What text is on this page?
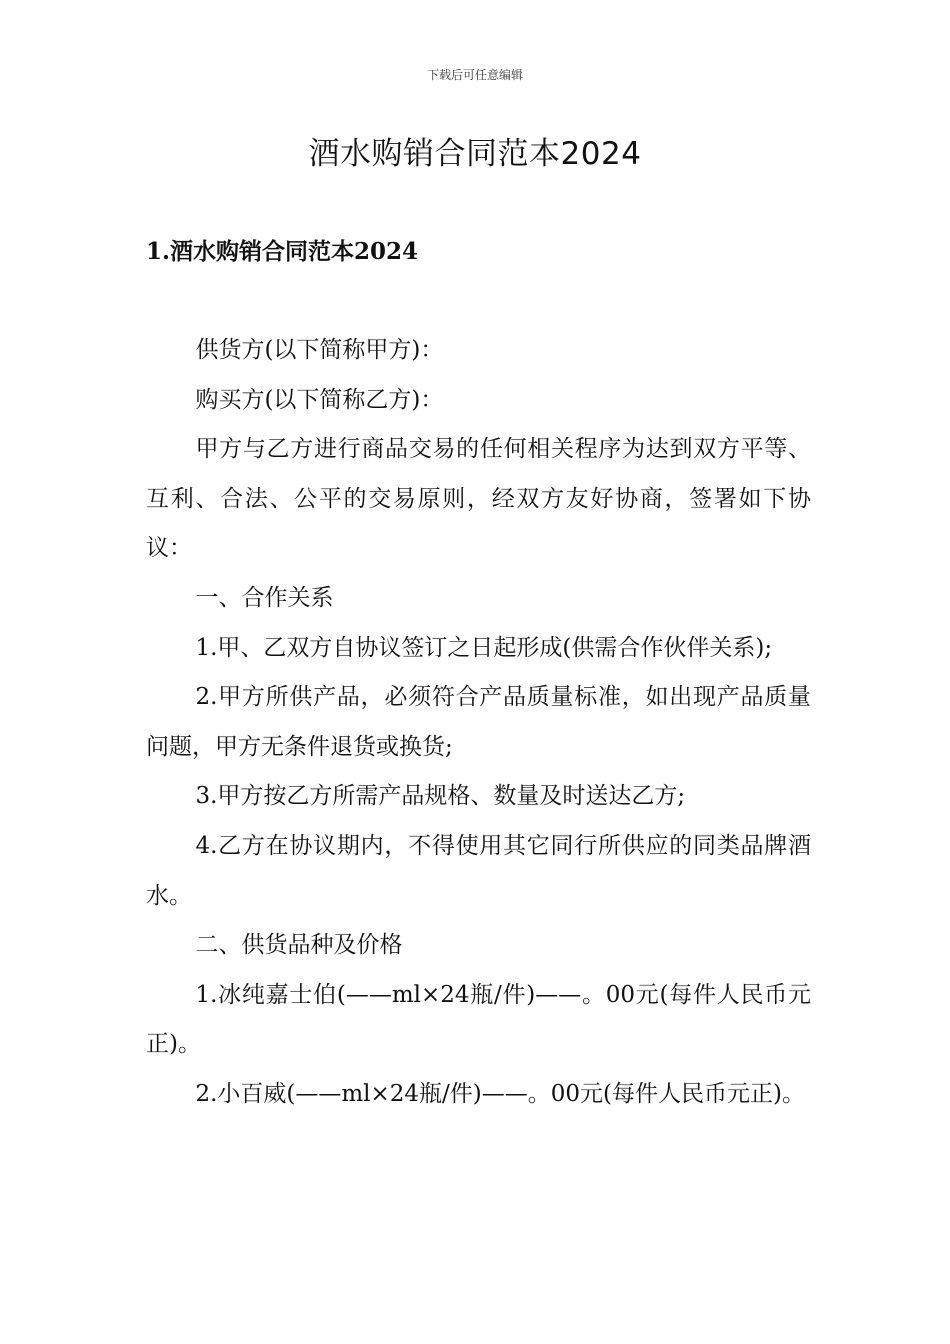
下载后可任意编辑
酒水购销合同范本2024
1.酒水购销合同范本2024

供货方(以下简称甲方)：

购买方(以下简称乙方)：

甲方与乙方进行商品交易的任何相关程序为达到双方平等、互利、合法、公平的交易原则，经双方友好协商，签署如下协议：

一、合作关系

1.甲、乙双方自协议签订之日起形成(供需合作伙伴关系);

2.甲方所供产品，必须符合产品质量标准，如出现产品质量问题，甲方无条件退货或换货;

3.甲方按乙方所需产品规格、数量及时送达乙方;

4.乙方在协议期内，不得使用其它同行所供应的同类品牌酒水。

二、供货品种及价格

1.冰纯嘉士伯(——ml×24瓶/件)——。00元(每件人民币元正)。

2.小百威(——ml×24瓶/件)——。00元(每件人民币元正)。
